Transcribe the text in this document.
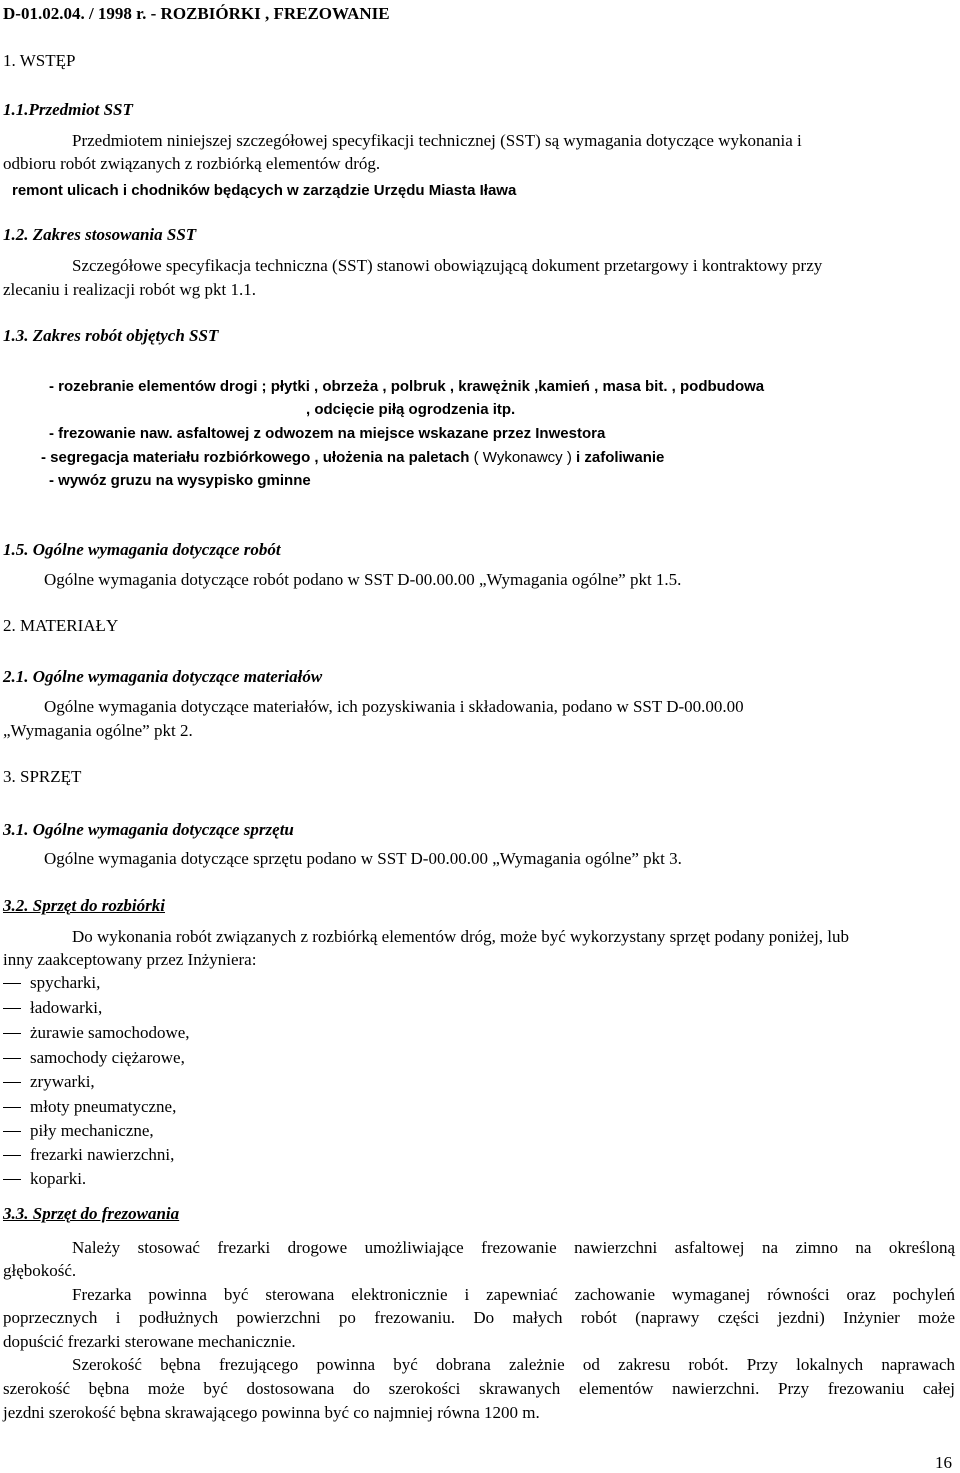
D-01.02.04. / 1998 r. - ROZBIÓRKI , FREZOWANIE
1. WSTĘP
1.1.Przedmiot SST
Przedmiotem niniejszej szczegółowej specyfikacji technicznej (SST) są wymagania dotyczące wykonania i
odbioru robót związanych z rozbiórką elementów dróg.
remont ulicach i chodników będących w zarządzie Urzędu Miasta Iława
1.2. Zakres stosowania SST
Szczegółowe specyfikacja techniczna (SST) stanowi obowiązującą dokument przetargowy i kontraktowy przy
zlecaniu i realizacji robót wg pkt 1.1.
1.3. Zakres robót objętych SST
- rozebranie elementów drogi ; płytki , obrzeża , polbruk , krawężnik ,kamień , masa bit. , podbudowa
, odcięcie piłą ogrodzenia itp.
- frezowanie naw. asfaltowej z odwozem na miejsce wskazane przez Inwestora
- segregacja materiału rozbiórkowego , ułożenia na paletach ( Wykonawcy ) i zafoliwanie
- wywóz gruzu na wysypisko gminne
1.5. Ogólne wymagania dotyczące robót
Ogólne wymagania dotyczące robót podano w SST D-00.00.00 „Wymagania ogólne” pkt 1.5.
2. MATERIAŁY
2.1. Ogólne wymagania dotyczące materiałów
Ogólne wymagania dotyczące materiałów, ich pozyskiwania i składowania, podano w SST D-00.00.00
„Wymagania ogólne” pkt 2.
3. SPRZĘT
3.1. Ogólne wymagania dotyczące sprzętu
Ogólne wymagania dotyczące sprzętu podano w SST D-00.00.00 „Wymagania ogólne” pkt 3.
3.2. Sprzęt do rozbiórki
Do wykonania robót związanych z rozbiórką elementów dróg, może być wykorzystany sprzęt podany poniżej, lub
inny zaakceptowany przez Inżyniera:
spycharki,
ładowarki,
żurawie samochodowe,
samochody ciężarowe,
zrywarki,
młoty pneumatyczne,
piły mechaniczne,
frezarki nawierzchni,
koparki.
3.3. Sprzęt do frezowania
Należy stosować frezarki drogowe umożliwiające frezowanie nawierzchni asfaltowej na zimno na określoną
głębokość.
Frezarka powinna być sterowana elektronicznie i zapewniać zachowanie wymaganej równości oraz pochyleń
poprzecznych i podłużnych powierzchni po frezowaniu. Do małych robót (naprawy części jezdni) Inżynier może
dopuścić frezarki sterowane mechanicznie.
Szerokość bębna frezującego powinna być dobrana zależnie od zakresu robót. Przy lokalnych naprawach
szerokość bębna może być dostosowana do szerokości skrawanych elementów nawierzchni. Przy frezowaniu całej
jezdni szerokość bębna skrawającego powinna być co najmniej równa 1200 m.
16
